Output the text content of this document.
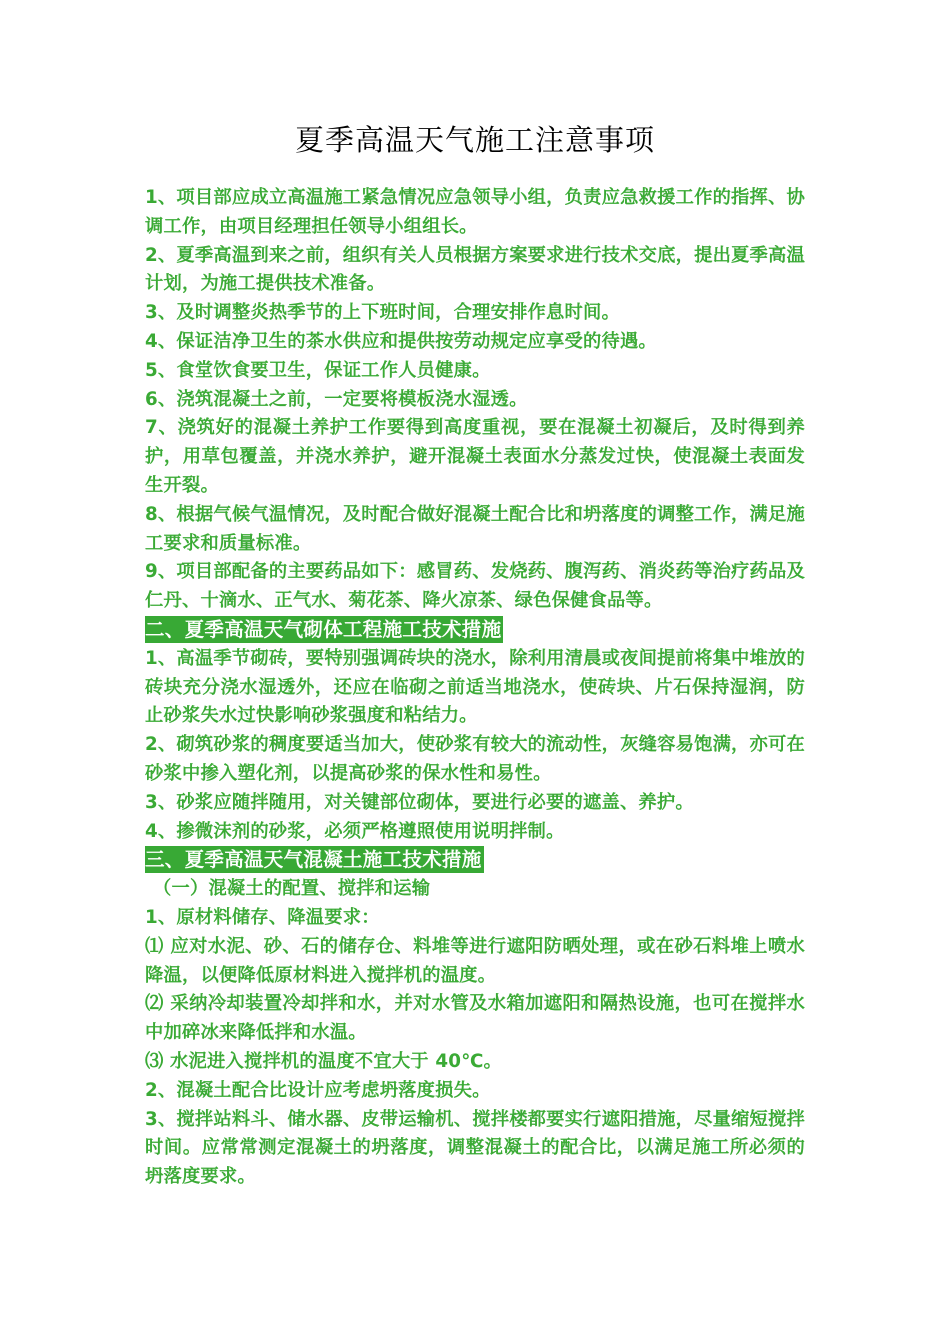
夏季高温天气施工注意事项

1、项目部应成立高温施工紧急情况应急领导小组，负责应急救援工作的指挥、协调工作，由项目经理担任领导小组组长。

2、夏季高温到来之前，组织有关人员根据方案要求进行技术交底，提出夏季高温计划，为施工提供技术准备。

3、及时调整炎热季节的上下班时间，合理安排作息时间。

4、保证洁净卫生的茶水供应和提供按劳动规定应享受的待遇。

5、食堂饮食要卫生，保证工作人员健康。

6、浇筑混凝土之前，一定要将模板浇水湿透。

7、浇筑好的混凝土养护工作要得到高度重视，要在混凝土初凝后，及时得到养护，用草包覆盖，并浇水养护，避开混凝土表面水分蒸发过快，使混凝土表面发生开裂。

8、根据气候气温情况，及时配合做好混凝土配合比和坍落度的调整工作，满足施工要求和质量标准。

9、项目部配备的主要药品如下：感冒药、发烧药、腹泻药、消炎药等治疗药品及仁丹、十滴水、正气水、菊花茶、降火凉茶、绿色保健食品等。

二、夏季高温天气砌体工程施工技术措施

1、高温季节砌砖，要特别强调砖块的浇水，除利用清晨或夜间提前将集中堆放的砖块充分浇水湿透外，还应在临砌之前适当地浇水，使砖块、片石保持湿润，防止砂浆失水过快影响砂浆强度和粘结力。

2、砌筑砂浆的稠度要适当加大，使砂浆有较大的流动性，灰缝容易饱满，亦可在砂浆中掺入塑化剂，以提高砂浆的保水性和易性。

3、砂浆应随拌随用，对关键部位砌体，要进行必要的遮盖、养护。

4、掺微沫剂的砂浆，必须严格遵照使用说明拌制。

三、夏季高温天气混凝土施工技术措施

（一）混凝土的配置、搅拌和运输

1、原材料储存、降温要求：

⑴ 应对水泥、砂、石的储存仓、料堆等进行遮阳防晒处理，或在砂石料堆上喷水降温，以便降低原材料进入搅拌机的温度。

⑵ 采纳冷却装置冷却拌和水，并对水管及水箱加遮阳和隔热设施，也可在搅拌水中加碎冰来降低拌和水温。

⑶ 水泥进入搅拌机的温度不宜大于 40℃。

2、混凝土配合比设计应考虑坍落度损失。

3、搅拌站料斗、储水器、皮带运输机、搅拌楼都要实行遮阳措施，尽量缩短搅拌时间。应常常测定混凝土的坍落度，调整混凝土的配合比，以满足施工所必须的坍落度要求。
